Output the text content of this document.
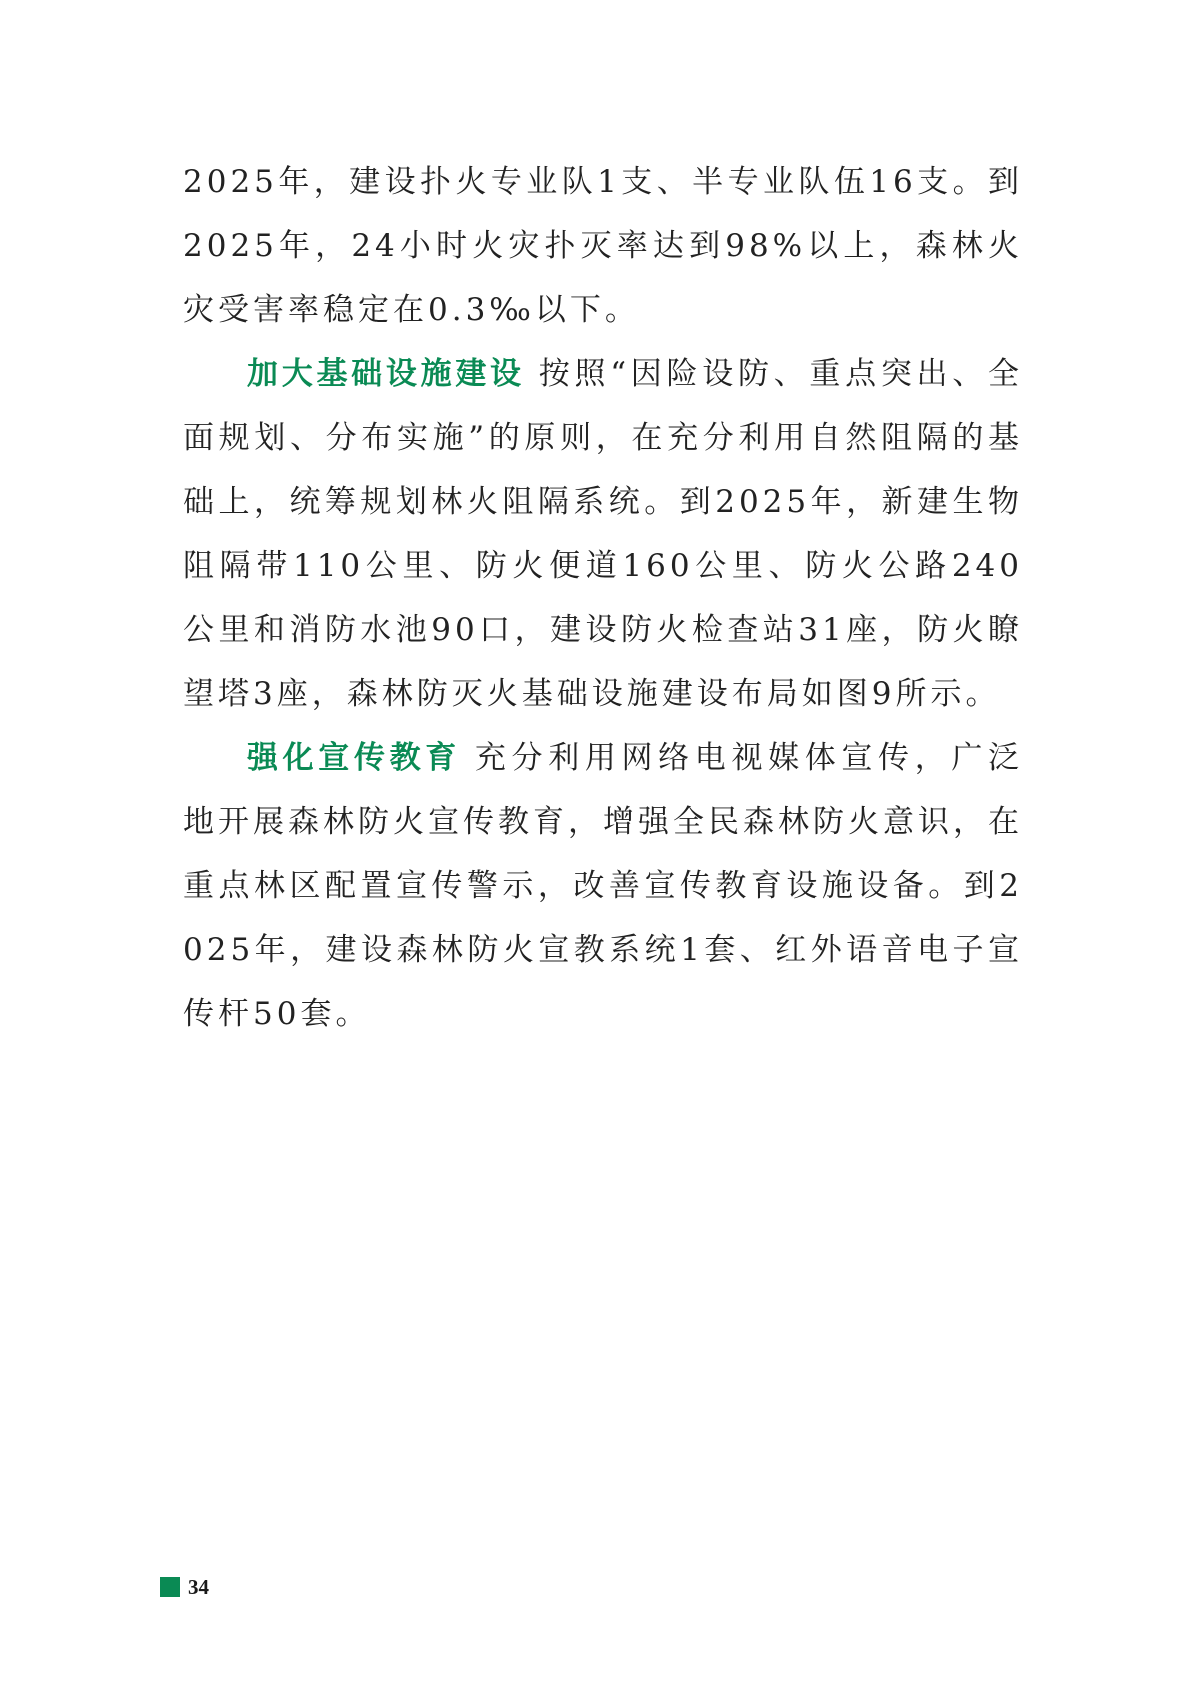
2025年，建设扑火专业队1支、半专业队伍16支。到2025年，24小时火灾扑灭率达到98%以上，森林火灾受害率稳定在0.3‰以下。

加大基础设施建设 按照“因险设防、重点突出、全面规划、分布实施”的原则，在充分利用自然阻隔的基础上，统筹规划林火阻隔系统。到2025年，新建生物阻隔带110公里、防火便道160公里、防火公路240公里和消防水池90口，建设防火检查站31座，防火瞭望塔3座，森林防灭火基础设施建设布局如图9所示。

强化宣传教育 充分利用网络电视媒体宣传，广泛地开展森林防火宣传教育，增强全民森林防火意识，在重点林区配置宣传警示，改善宣传教育设施设备。到2025年，建设森林防火宣教系统1套、红外语音电子宣传杆50套。

34
